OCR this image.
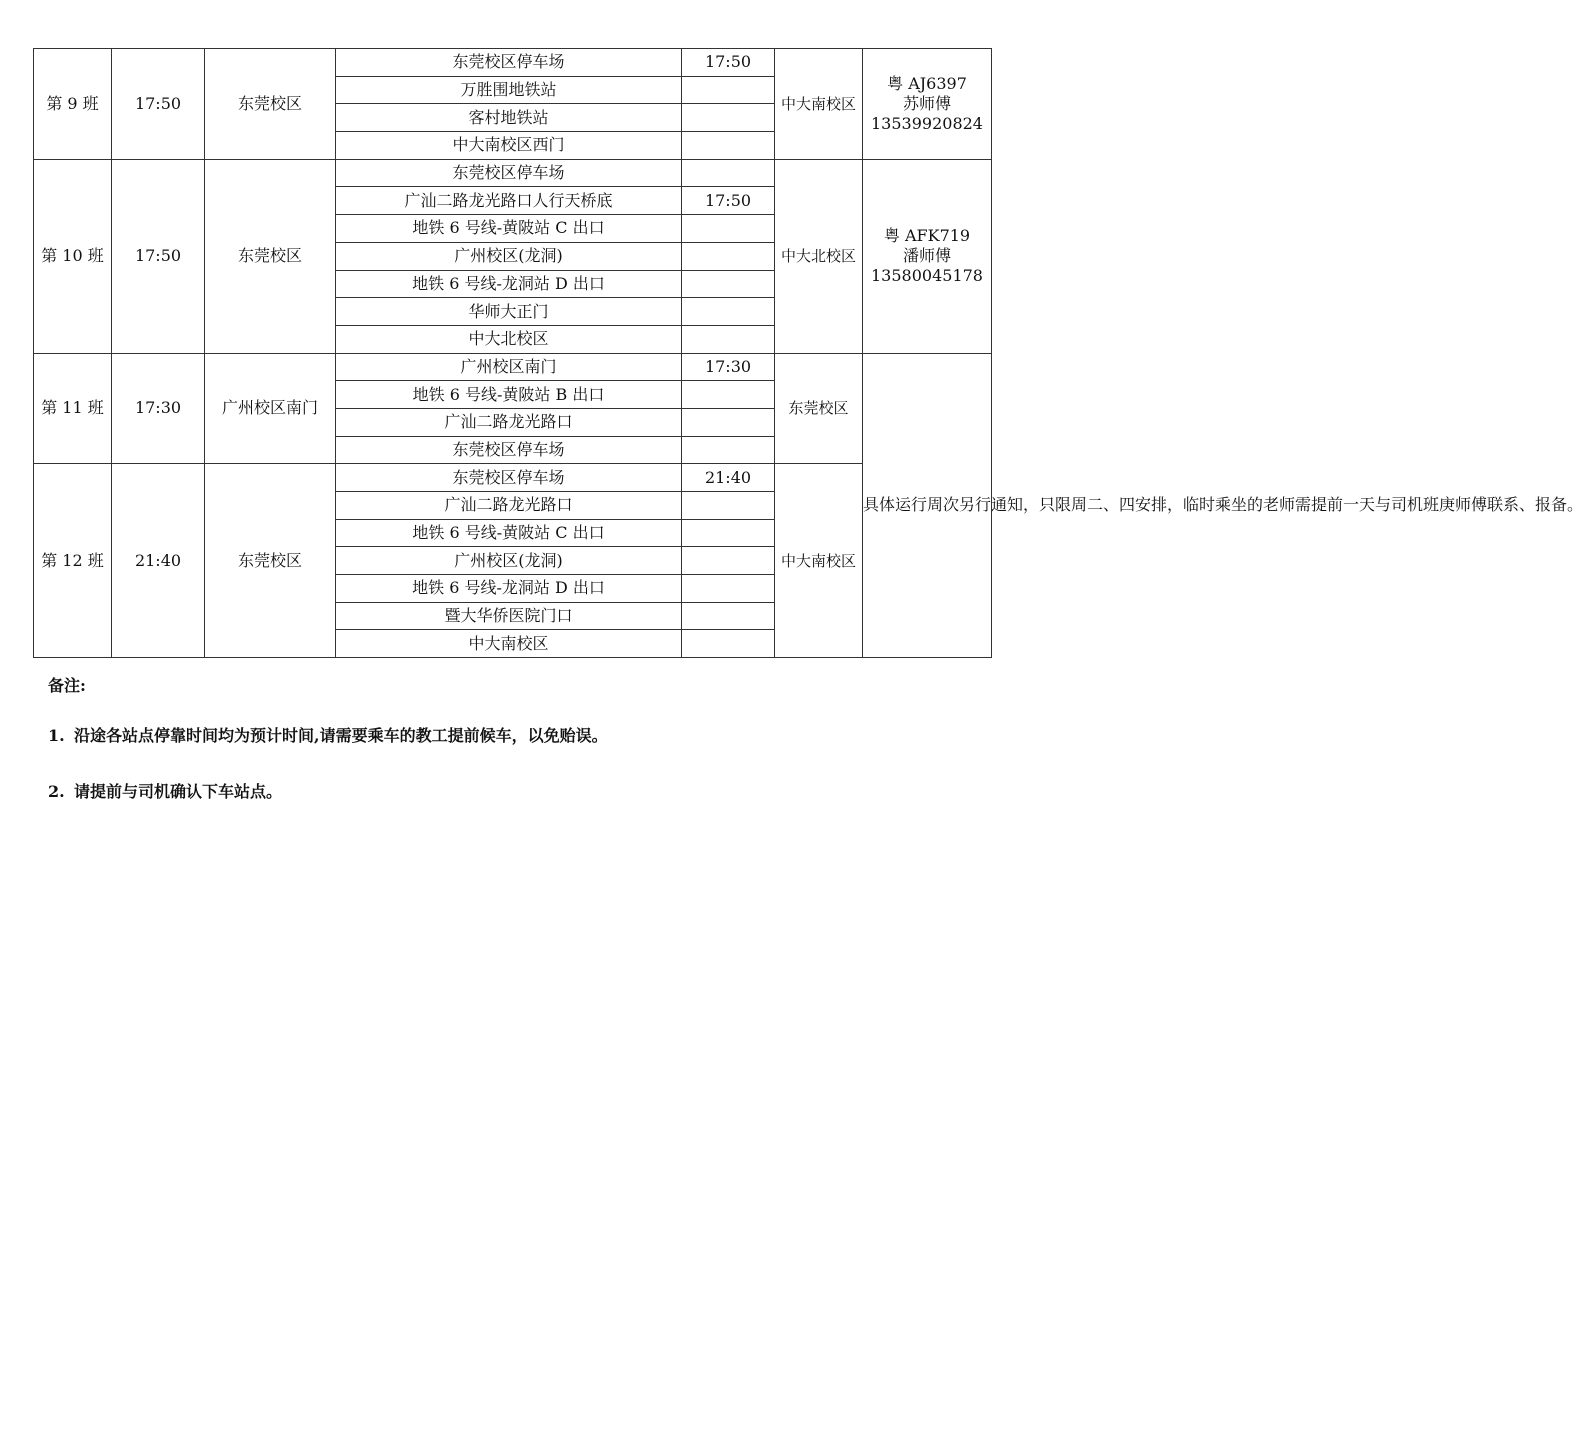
第 9 班	17:50	东莞校区	东莞校区停车场	17:50	中大南校区	粤 AJ6397
苏师傅
13539920824

			万胜围地铁站			
			客村地铁站			
			中大南校区西门			
第 10 班	17:50	东莞校区	东莞校区停车场		中大北校区	粤 AFK719
潘师傅
13580045178

			广汕二路龙光路口人行天桥底	17:50		
			地铁 6 号线-黄陂站 C 出口			
			广州校区(龙洞)			
			地铁 6 号线-龙洞站 D 出口			
			华师大正门			
			中大北校区			
第 11 班	17:30	广州校区南门	广州校区南门	17:30	东莞校区	具体运行周次另行通知，只限周二、四安排，临时乘坐的老师需提前一天与司机班庚师傅联系、报备。
			地铁 6 号线-黄陂站 B 出口			
			广汕二路龙光路口			
			东莞校区停车场			
第 12 班	21:40	东莞校区	东莞校区停车场	21:40	中大南校区	
			广汕二路龙光路口			
			地铁 6 号线-黄陂站 C 出口			
			广州校区(龙洞)			
			地铁 6 号线-龙洞站 D 出口			
			暨大华侨医院门口			
			中大南校区			
备注:
1. 沿途各站点停靠时间均为预计时间,请需要乘车的教工提前候车，以免贻误。
2. 请提前与司机确认下车站点。
